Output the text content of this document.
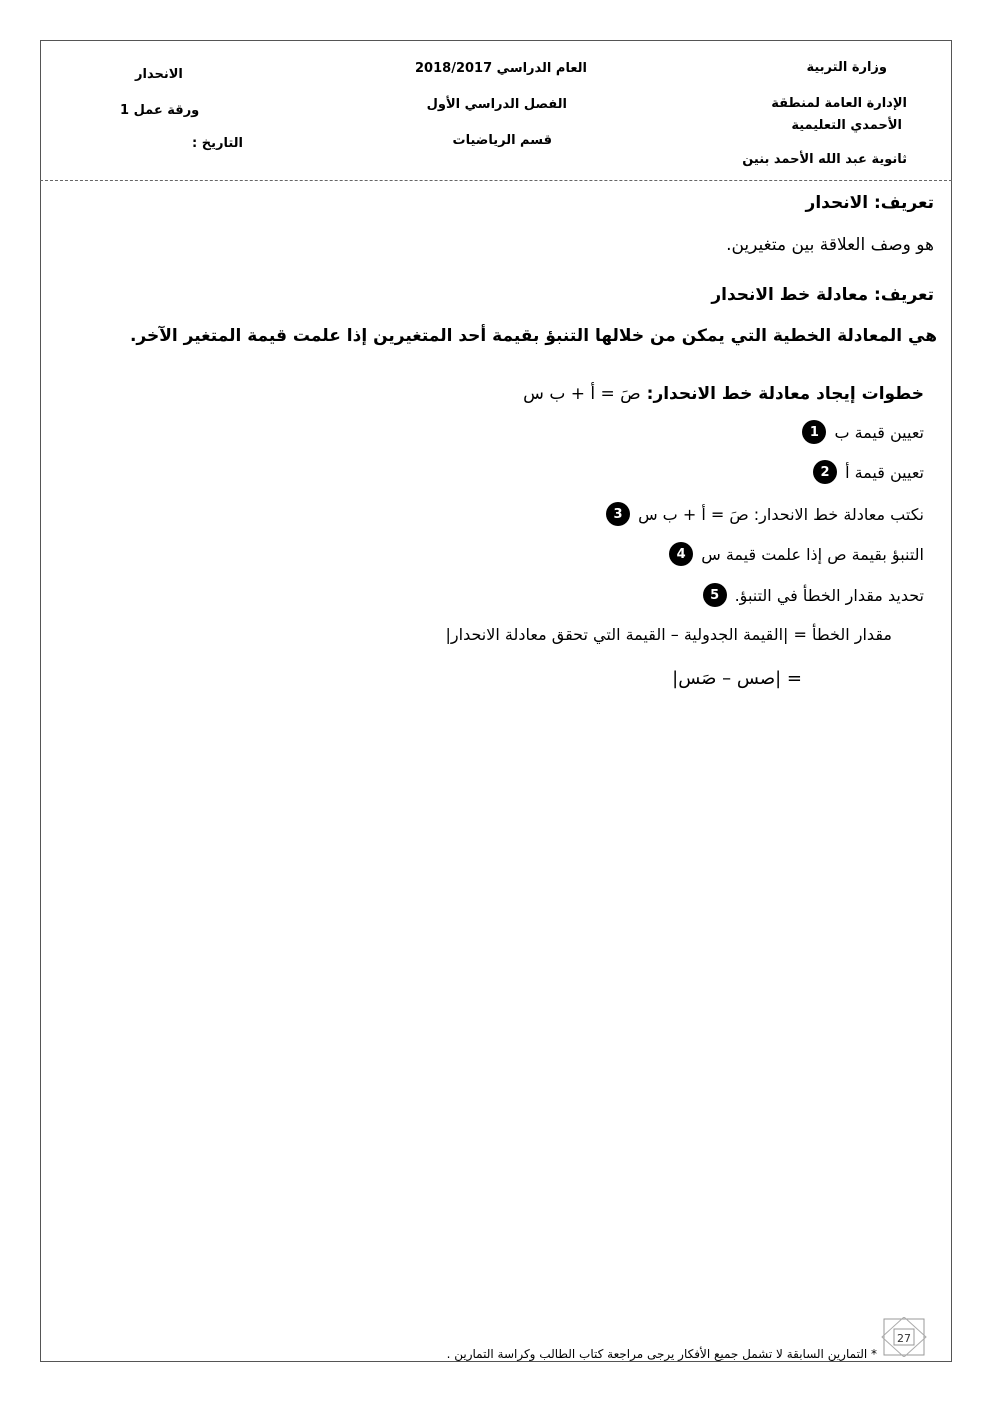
وزارة التربية
الإدارة العامة لمنطقة
الأحمدي التعليمية
ثانوية عبد الله الأحمد بنين
العام الدراسي 2018/2017
الفصل الدراسي الأول
قسم الرياضيات
الانحدار
ورقة عمل 1
التاريخ :
تعريف: الانحدار
هو وصف العلاقة بين متغيرين.
تعريف: معادلة خط الانحدار
هي المعادلة الخطية التي يمكن من خلالها التنبؤ بقيمة أحد المتغيرين إذا علمت قيمة المتغير الآخر.
خطوات إيجاد معادلة خط الانحدار: صَ = أ + ب س
1 تعيين قيمة ب
2 تعيين قيمة أ
3 نكتب معادلة خط الانحدار: صَ = أ + ب س
4 التنبؤ بقيمة ص إذا علمت قيمة س
5 تحديد مقدار الخطأ في التنبؤ.
مقدار الخطأ = |القيمة الجدولية – القيمة التي تحقق معادلة الانحدار|
= |صس – صَس|
27
* التمارين السابقة لا تشمل جميع الأفكار يرجى مراجعة كتاب الطالب وكراسة التمارين .
